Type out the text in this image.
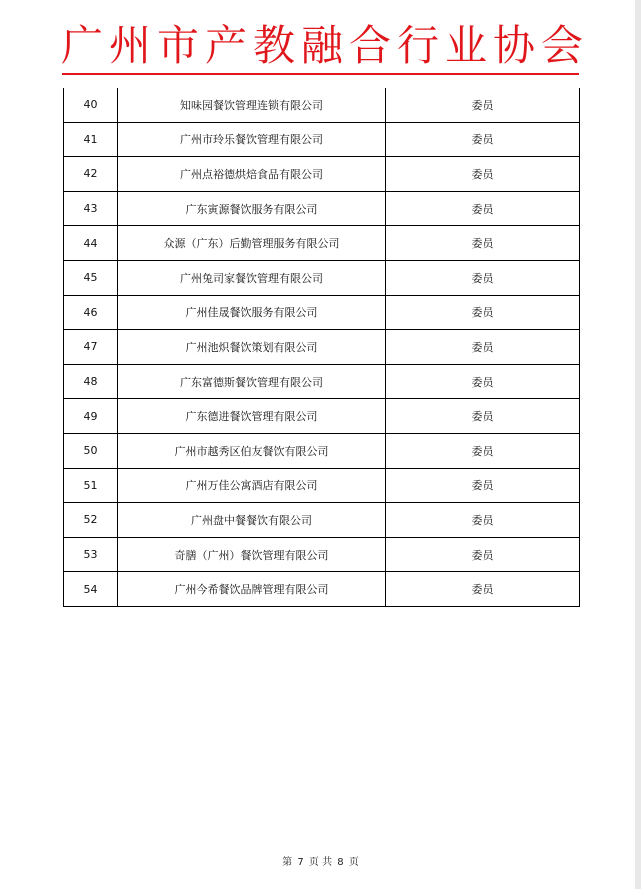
广州市产教融合行业协会
40	知味园餐饮管理连锁有限公司	委员
41	广州市玲乐餐饮管理有限公司	委员
42	广州点裕德烘焙食品有限公司	委员
43	广东寅源餐饮服务有限公司	委员
44	众源（广东）后勤管理服务有限公司	委员
45	广州兔司家餐饮管理有限公司	委员
46	广州佳晟餐饮服务有限公司	委员
47	广州池炽餐饮策划有限公司	委员
48	广东富德斯餐饮管理有限公司	委员
49	广东德进餐饮管理有限公司	委员
50	广州市越秀区伯友餐饮有限公司	委员
51	广州万佳公寓酒店有限公司	委员
52	广州盘中餐餐饮有限公司	委员
53	奇膳（广州）餐饮管理有限公司	委员
54	广州今希餐饮品牌管理有限公司	委员
第 7 页 共 8 页
